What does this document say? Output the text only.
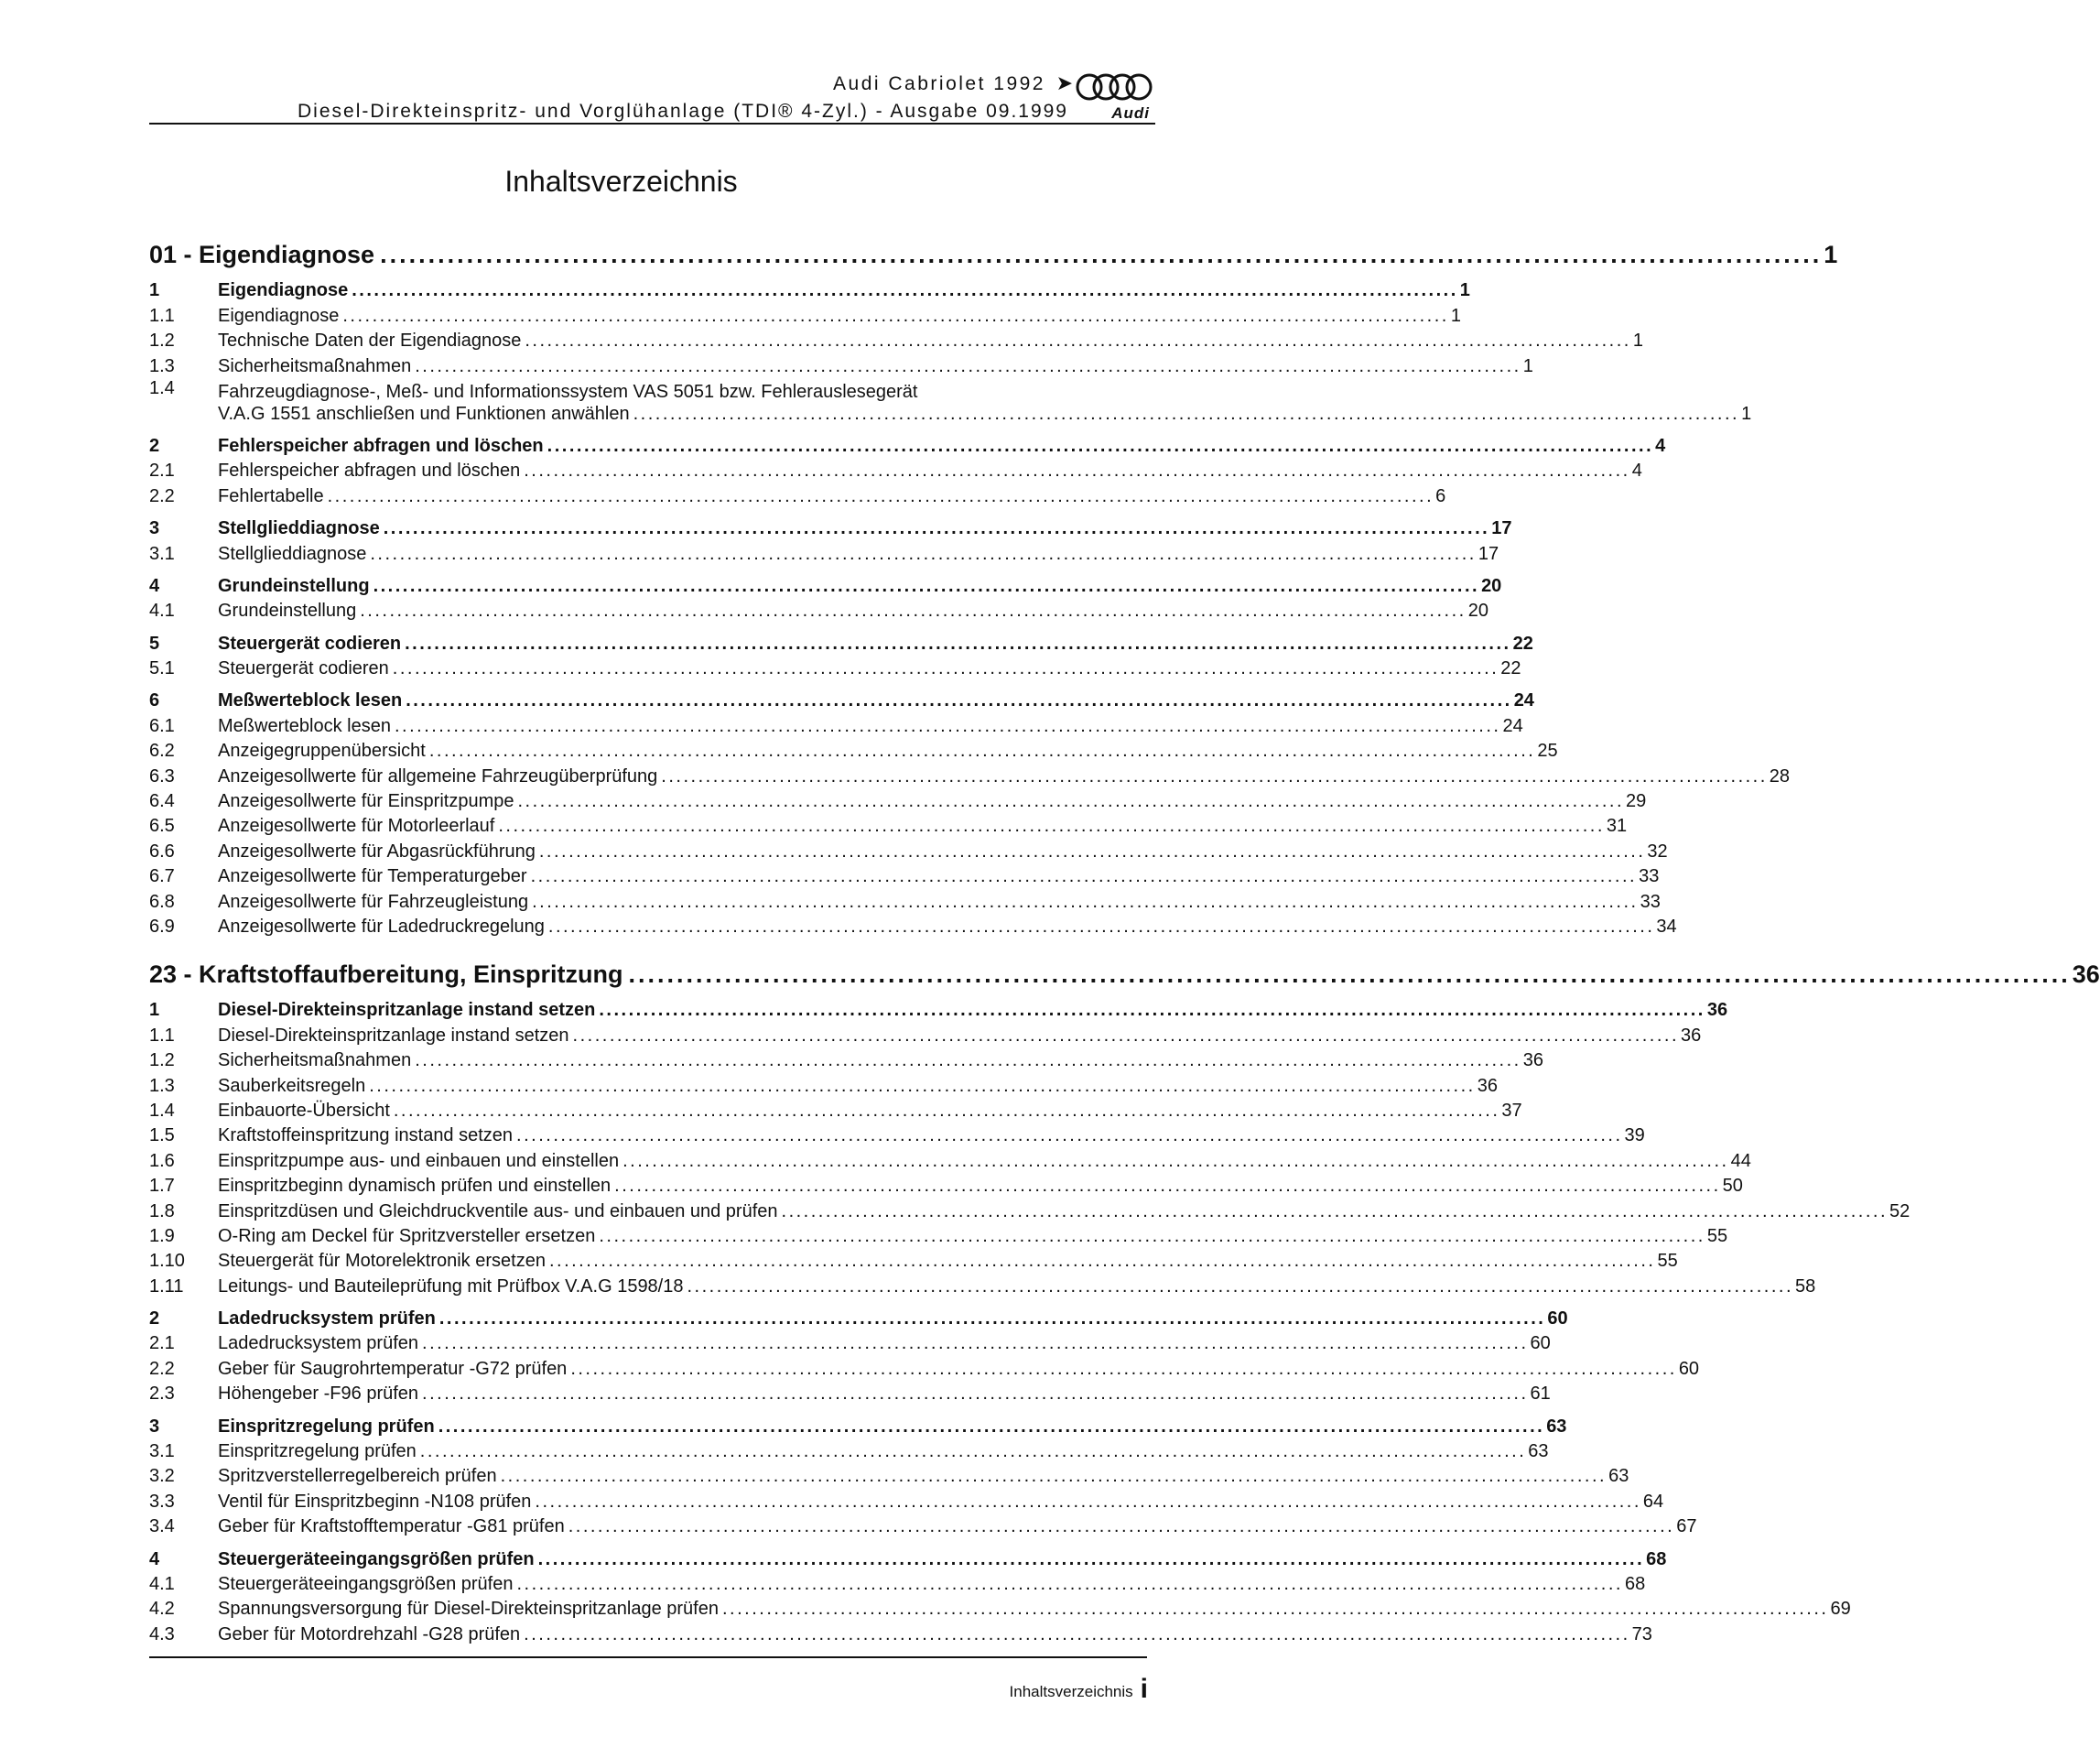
Audi Cabriolet 1992 ➤
Diesel-Direkteinspritz- und Vorglühanlage (TDI® 4-Zyl.) - Ausgabe 09.1999	Audi
Inhaltsverzeichnis
01 - Eigendiagnose ...................................................................................................................................................... 1
1	Eigendiagnose ...................................................................................................................................................... 1
1.1	Eigendiagnose ...................................................................................................................................................... 1
1.2	Technische Daten der Eigendiagnose ...................................................................................................................................................... 1
1.3	Sicherheitsmaßnahmen ...................................................................................................................................................... 1
1.4	Fahrzeugdiagnose-, Meß- und Informationssystem VAS 5051 bzw. Fehlerauslesegerät
V.A.G 1551 anschließen und Funktionen anwählen ...................................................................................................................................................... 1
2	Fehlerspeicher abfragen und löschen ...................................................................................................................................................... 4
2.1	Fehlerspeicher abfragen und löschen ...................................................................................................................................................... 4
2.2	Fehlertabelle ...................................................................................................................................................... 6
3	Stellglieddiagnose ...................................................................................................................................................... 17
3.1	Stellglieddiagnose ...................................................................................................................................................... 17
4	Grundeinstellung ...................................................................................................................................................... 20
4.1	Grundeinstellung ...................................................................................................................................................... 20
5	Steuergerät codieren ...................................................................................................................................................... 22
5.1	Steuergerät codieren ...................................................................................................................................................... 22
6	Meßwerteblock lesen ...................................................................................................................................................... 24
6.1	Meßwerteblock lesen ...................................................................................................................................................... 24
6.2	Anzeigegruppenübersicht ...................................................................................................................................................... 25
6.3	Anzeigesollwerte für allgemeine Fahrzeugüberprüfung ...................................................................................................................................................... 28
6.4	Anzeigesollwerte für Einspritzpumpe ...................................................................................................................................................... 29
6.5	Anzeigesollwerte für Motorleerlauf ...................................................................................................................................................... 31
6.6	Anzeigesollwerte für Abgasrückführung ...................................................................................................................................................... 32
6.7	Anzeigesollwerte für Temperaturgeber ...................................................................................................................................................... 33
6.8	Anzeigesollwerte für Fahrzeugleistung ...................................................................................................................................................... 33
6.9	Anzeigesollwerte für Ladedruckregelung ...................................................................................................................................................... 34
23 - Kraftstoffaufbereitung, Einspritzung ...................................................................................................................................................... 36
1	Diesel-Direkteinspritzanlage instand setzen ...................................................................................................................................................... 36
1.1	Diesel-Direkteinspritzanlage instand setzen ...................................................................................................................................................... 36
1.2	Sicherheitsmaßnahmen ...................................................................................................................................................... 36
1.3	Sauberkeitsregeln ...................................................................................................................................................... 36
1.4	Einbauorte-Übersicht ...................................................................................................................................................... 37
1.5	Kraftstoffeinspritzung instand setzen ...................................................................................................................................................... 39
1.6	Einspritzpumpe aus- und einbauen und einstellen ...................................................................................................................................................... 44
1.7	Einspritzbeginn dynamisch prüfen und einstellen ...................................................................................................................................................... 50
1.8	Einspritzdüsen und Gleichdruckventile aus- und einbauen und prüfen ...................................................................................................................................................... 52
1.9	O-Ring am Deckel für Spritzversteller ersetzen ...................................................................................................................................................... 55
1.10	Steuergerät für Motorelektronik ersetzen ...................................................................................................................................................... 55
1.11	Leitungs- und Bauteileprüfung mit Prüfbox V.A.G 1598/18 ...................................................................................................................................................... 58
2	Ladedrucksystem prüfen ...................................................................................................................................................... 60
2.1	Ladedrucksystem prüfen ...................................................................................................................................................... 60
2.2	Geber für Saugrohrtemperatur -G72 prüfen ...................................................................................................................................................... 60
2.3	Höhengeber -F96 prüfen ...................................................................................................................................................... 61
3	Einspritzregelung prüfen ...................................................................................................................................................... 63
3.1	Einspritzregelung prüfen ...................................................................................................................................................... 63
3.2	Spritzverstellerregelbereich prüfen ...................................................................................................................................................... 63
3.3	Ventil für Einspritzbeginn -N108 prüfen ...................................................................................................................................................... 64
3.4	Geber für Kraftstofftemperatur -G81 prüfen ...................................................................................................................................................... 67
4	Steuergeräteeingangsgrößen prüfen ...................................................................................................................................................... 68
4.1	Steuergeräteeingangsgrößen prüfen ...................................................................................................................................................... 68
4.2	Spannungsversorgung für Diesel-Direkteinspritzanlage prüfen ...................................................................................................................................................... 69
4.3	Geber für Motordrehzahl -G28 prüfen ...................................................................................................................................................... 73
Inhaltsverzeichnis i
